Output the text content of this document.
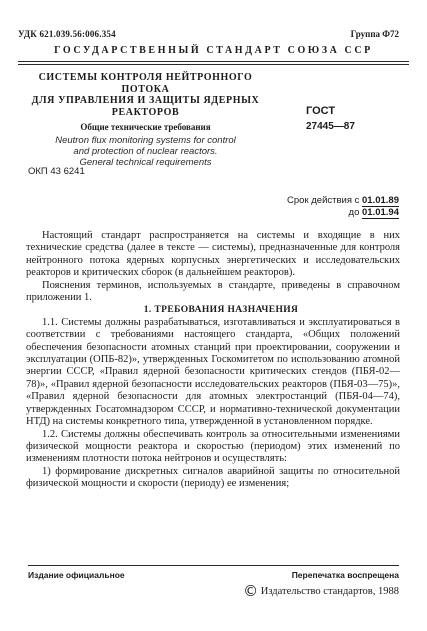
УДК 621.039.56:006.354	Группа Ф72
ГОСУДАРСТВЕННЫЙ СТАНДАРТ СОЮЗА ССР
СИСТЕМЫ КОНТРОЛЯ НЕЙТРОННОГО ПОТОКА
ДЛЯ УПРАВЛЕНИЯ И ЗАЩИТЫ ЯДЕРНЫХ
РЕАКТОРОВ
Общие технические требования
Neutron flux monitoring systems for control
and protection of nuclear reactors.
General technical requirements
ГОСТ
27445—87
ОКП 43 6241
Срок действия с 01.01.89
до 01.01.94

Настоящий стандарт распространяется на системы и входящие в них технические средства (далее в тексте — системы), предназначенные для контроля нейтронного потока ядерных корпусных энергетических и исследовательских реакторов и критических сборок (в дальнейшем реакторов).

Пояснения терминов, используемых в стандарте, приведены в справочном приложении 1.

1. ТРЕБОВАНИЯ НАЗНАЧЕНИЯ

1.1. Системы должны разрабатываться, изготавливаться и эксплуатироваться в соответствии с требованиями настоящего стандарта, «Общих положений обеспечения безопасности атомных станций при проектировании, сооружении и эксплуатации (ОПБ-82)», утвержденных Госкомитетом по использованию атомной энергии СССР, «Правил ядерной безопасности критических стендов (ПБЯ-02—78)», «Правил ядерной безопасности исследовательских реакторов (ПБЯ-03—75)», «Правил ядерной безопасности для атомных электростанций (ПБЯ-04—74), утвержденных Госатомнадзором СССР, и нормативно-технической документации НТД) на системы конкретного типа, утвержденной в установленном порядке.

1.2. Системы должны обеспечивать контроль за относительными изменениями физической мощности реактора и скоростью (периодом) этих изменений по изменениям плотности потока нейтронов и осуществлять:

1) формирование дискретных сигналов аварийной защиты по относительной физической мощности и скорости (периоду) ее изменения;

Издание официальное	Перепечатка воспрещена
© Издательство стандартов, 1988
